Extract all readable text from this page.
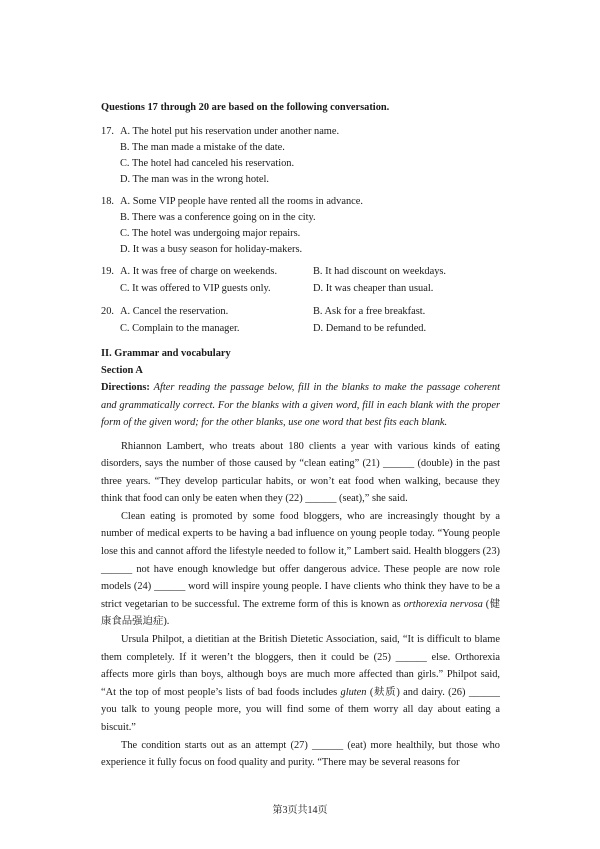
Questions 17 through 20 are based on the following conversation.
17. A. The hotel put his reservation under another name.
B. The man made a mistake of the date.
C. The hotel had canceled his reservation.
D. The man was in the wrong hotel.
18. A. Some VIP people have rented all the rooms in advance.
B. There was a conference going on in the city.
C. The hotel was undergoing major repairs.
D. It was a busy season for holiday-makers.
19. A. It was free of charge on weekends.	B. It had discount on weekdays.
C. It was offered to VIP guests only.	D. It was cheaper than usual.
20. A. Cancel the reservation.	B. Ask for a free breakfast.
C. Complain to the manager.	D. Demand to be refunded.
II. Grammar and vocabulary
Section A
Directions: After reading the passage below, fill in the blanks to make the passage coherent and grammatically correct. For the blanks with a given word, fill in each blank with the proper form of the given word; for the other blanks, use one word that best fits each blank.

Rhiannon Lambert, who treats about 180 clients a year with various kinds of eating disorders, says the number of those caused by “clean eating” (21) ______ (double) in the past three years. “They develop particular habits, or won’t eat food when walking, because they think that food can only be eaten when they (22) ______ (seat),” she said.

Clean eating is promoted by some food bloggers, who are increasingly thought by a number of medical experts to be having a bad influence on young people today. “Young people lose this and cannot afford the lifestyle needed to follow it,” Lambert said. Health bloggers (23) ______ not have enough knowledge but offer dangerous advice. These people are now role models (24) ______ word will inspire young people. I have clients who think they have to be a strict vegetarian to be successful. The extreme form of this is known as orthorexia nervosa (健康食品强迫症).

Ursula Philpot, a dietitian at the British Dietetic Association, said, “It is difficult to blame them completely. If it weren’t the bloggers, then it could be (25) ______ else. Orthorexia affects more girls than boys, although boys are much more affected than girls.” Philpot said, “At the top of most people’s lists of bad foods includes gluten (麸质) and dairy. (26) ______ you talk to young people more, you will find some of them worry all day about eating a biscuit.”

The condition starts out as an attempt (27) ______ (eat) more healthily, but those who experience it fully focus on food quality and purity. “There may be several reasons for

第3页共14页
